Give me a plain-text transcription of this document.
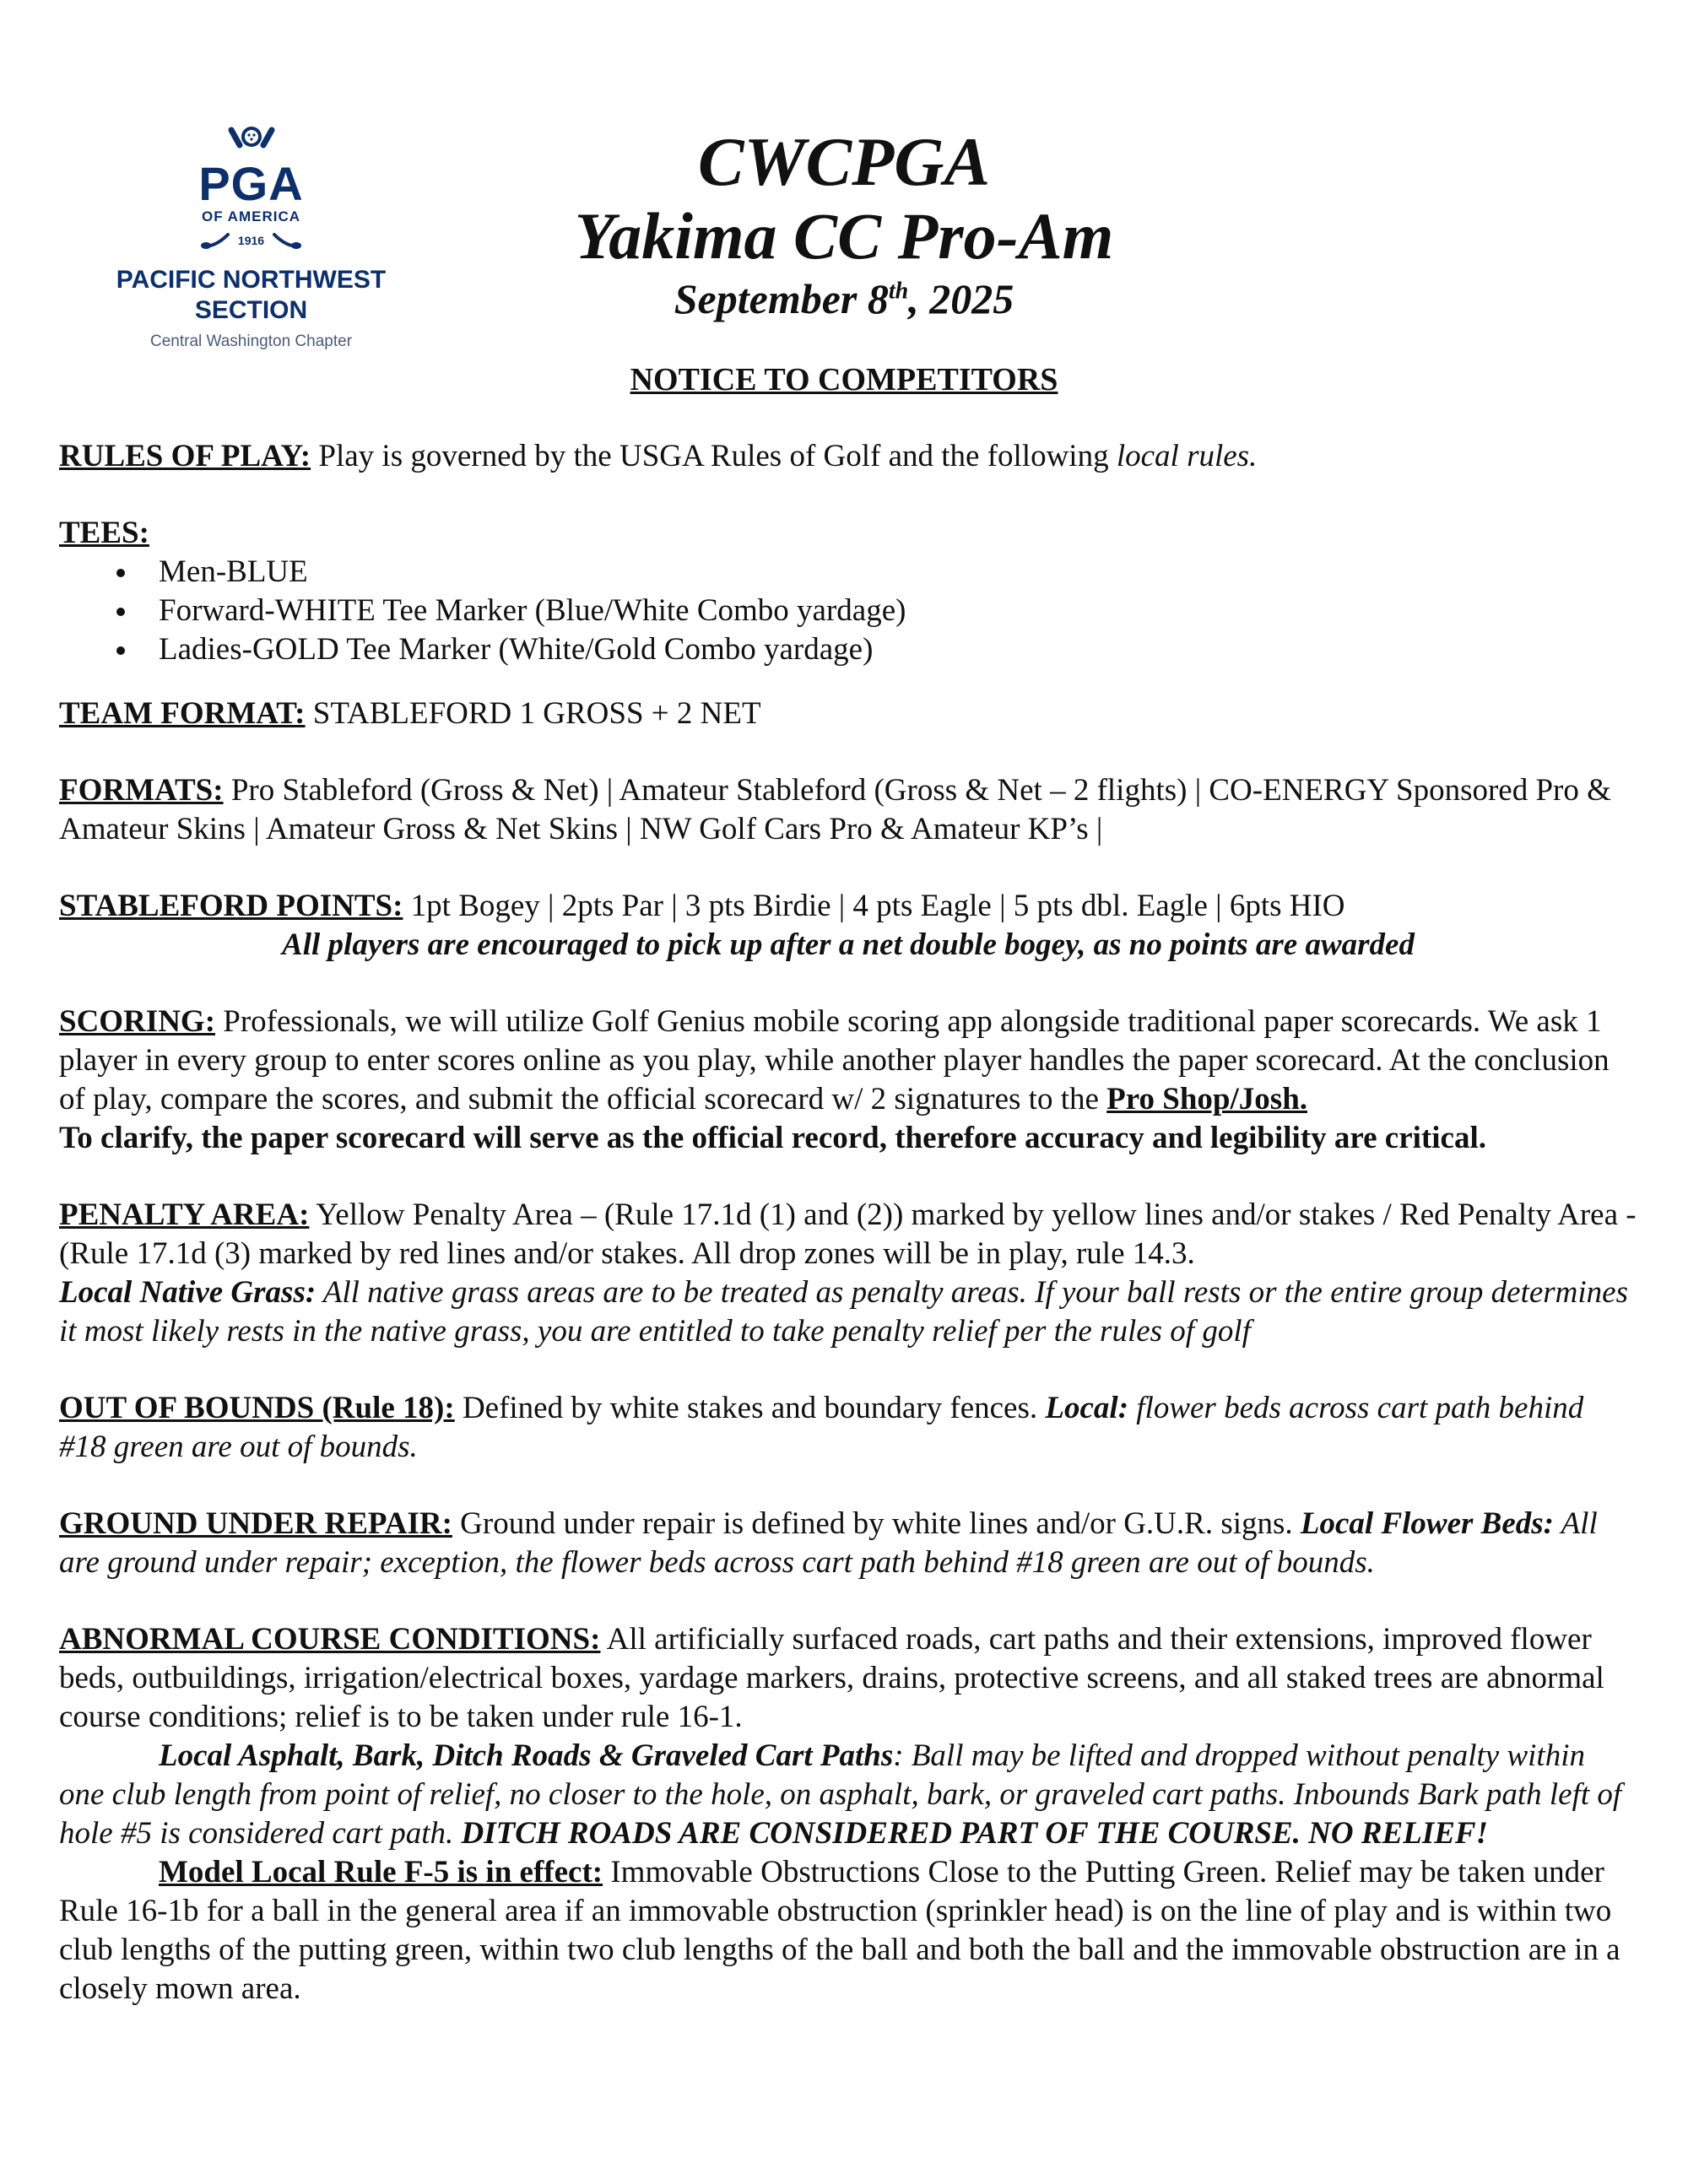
PGA
OF AMERICA
1916
PACIFIC NORTHWEST
SECTION
Central Washington Chapter
CWCPGA
Yakima CC Pro-Am
September 8th, 2025
NOTICE TO COMPETITORS

RULES OF PLAY: Play is governed by the USGA Rules of Golf and the following local rules.

TEES:

Men-BLUE
Forward-WHITE Tee Marker (Blue/White Combo yardage)
Ladies-GOLD Tee Marker (White/Gold Combo yardage)

TEAM FORMAT: STABLEFORD 1 GROSS + 2 NET

FORMATS: Pro Stableford (Gross & Net) | Amateur Stableford (Gross & Net – 2 flights) | CO-ENERGY Sponsored Pro & Amateur Skins | Amateur Gross & Net Skins | NW Golf Cars Pro & Amateur KP’s |

STABLEFORD POINTS: 1pt Bogey | 2pts Par | 3 pts Birdie | 4 pts Eagle | 5 pts dbl. Eagle | 6pts HIO

All players are encouraged to pick up after a net double bogey, as no points are awarded

SCORING: Professionals, we will utilize Golf Genius mobile scoring app alongside traditional paper scorecards. We ask 1 player in every group to enter scores online as you play, while another player handles the paper scorecard. At the conclusion of play, compare the scores, and submit the official scorecard w/ 2 signatures to the Pro Shop/Josh.
To clarify, the paper scorecard will serve as the official record, therefore accuracy and legibility are critical.

PENALTY AREA: Yellow Penalty Area – (Rule 17.1d (1) and (2)) marked by yellow lines and/or stakes / Red Penalty Area - (Rule 17.1d (3) marked by red lines and/or stakes. All drop zones will be in play, rule 14.3.
Local Native Grass: All native grass areas are to be treated as penalty areas. If your ball rests or the entire group determines it most likely rests in the native grass, you are entitled to take penalty relief per the rules of golf

OUT OF BOUNDS (Rule 18): Defined by white stakes and boundary fences. Local: flower beds across cart path behind #18 green are out of bounds.

GROUND UNDER REPAIR: Ground under repair is defined by white lines and/or G.U.R. signs. Local Flower Beds: All are ground under repair; exception, the flower beds across cart path behind #18 green are out of bounds.

ABNORMAL COURSE CONDITIONS: All artificially surfaced roads, cart paths and their extensions, improved flower beds, outbuildings, irrigation/electrical boxes, yardage markers, drains, protective screens, and all staked trees are abnormal course conditions; relief is to be taken under rule 16-1.

Local Asphalt, Bark, Ditch Roads & Graveled Cart Paths: Ball may be lifted and dropped without penalty within one club length from point of relief, no closer to the hole, on asphalt, bark, or graveled cart paths. Inbounds Bark path left of hole #5 is considered cart path. DITCH ROADS ARE CONSIDERED PART OF THE COURSE. NO RELIEF!

Model Local Rule F-5 is in effect: Immovable Obstructions Close to the Putting Green. Relief may be taken under Rule 16-1b for a ball in the general area if an immovable obstruction (sprinkler head) is on the line of play and is within two club lengths of the putting green, within two club lengths of the ball and both the ball and the immovable obstruction are in a closely mown area.
